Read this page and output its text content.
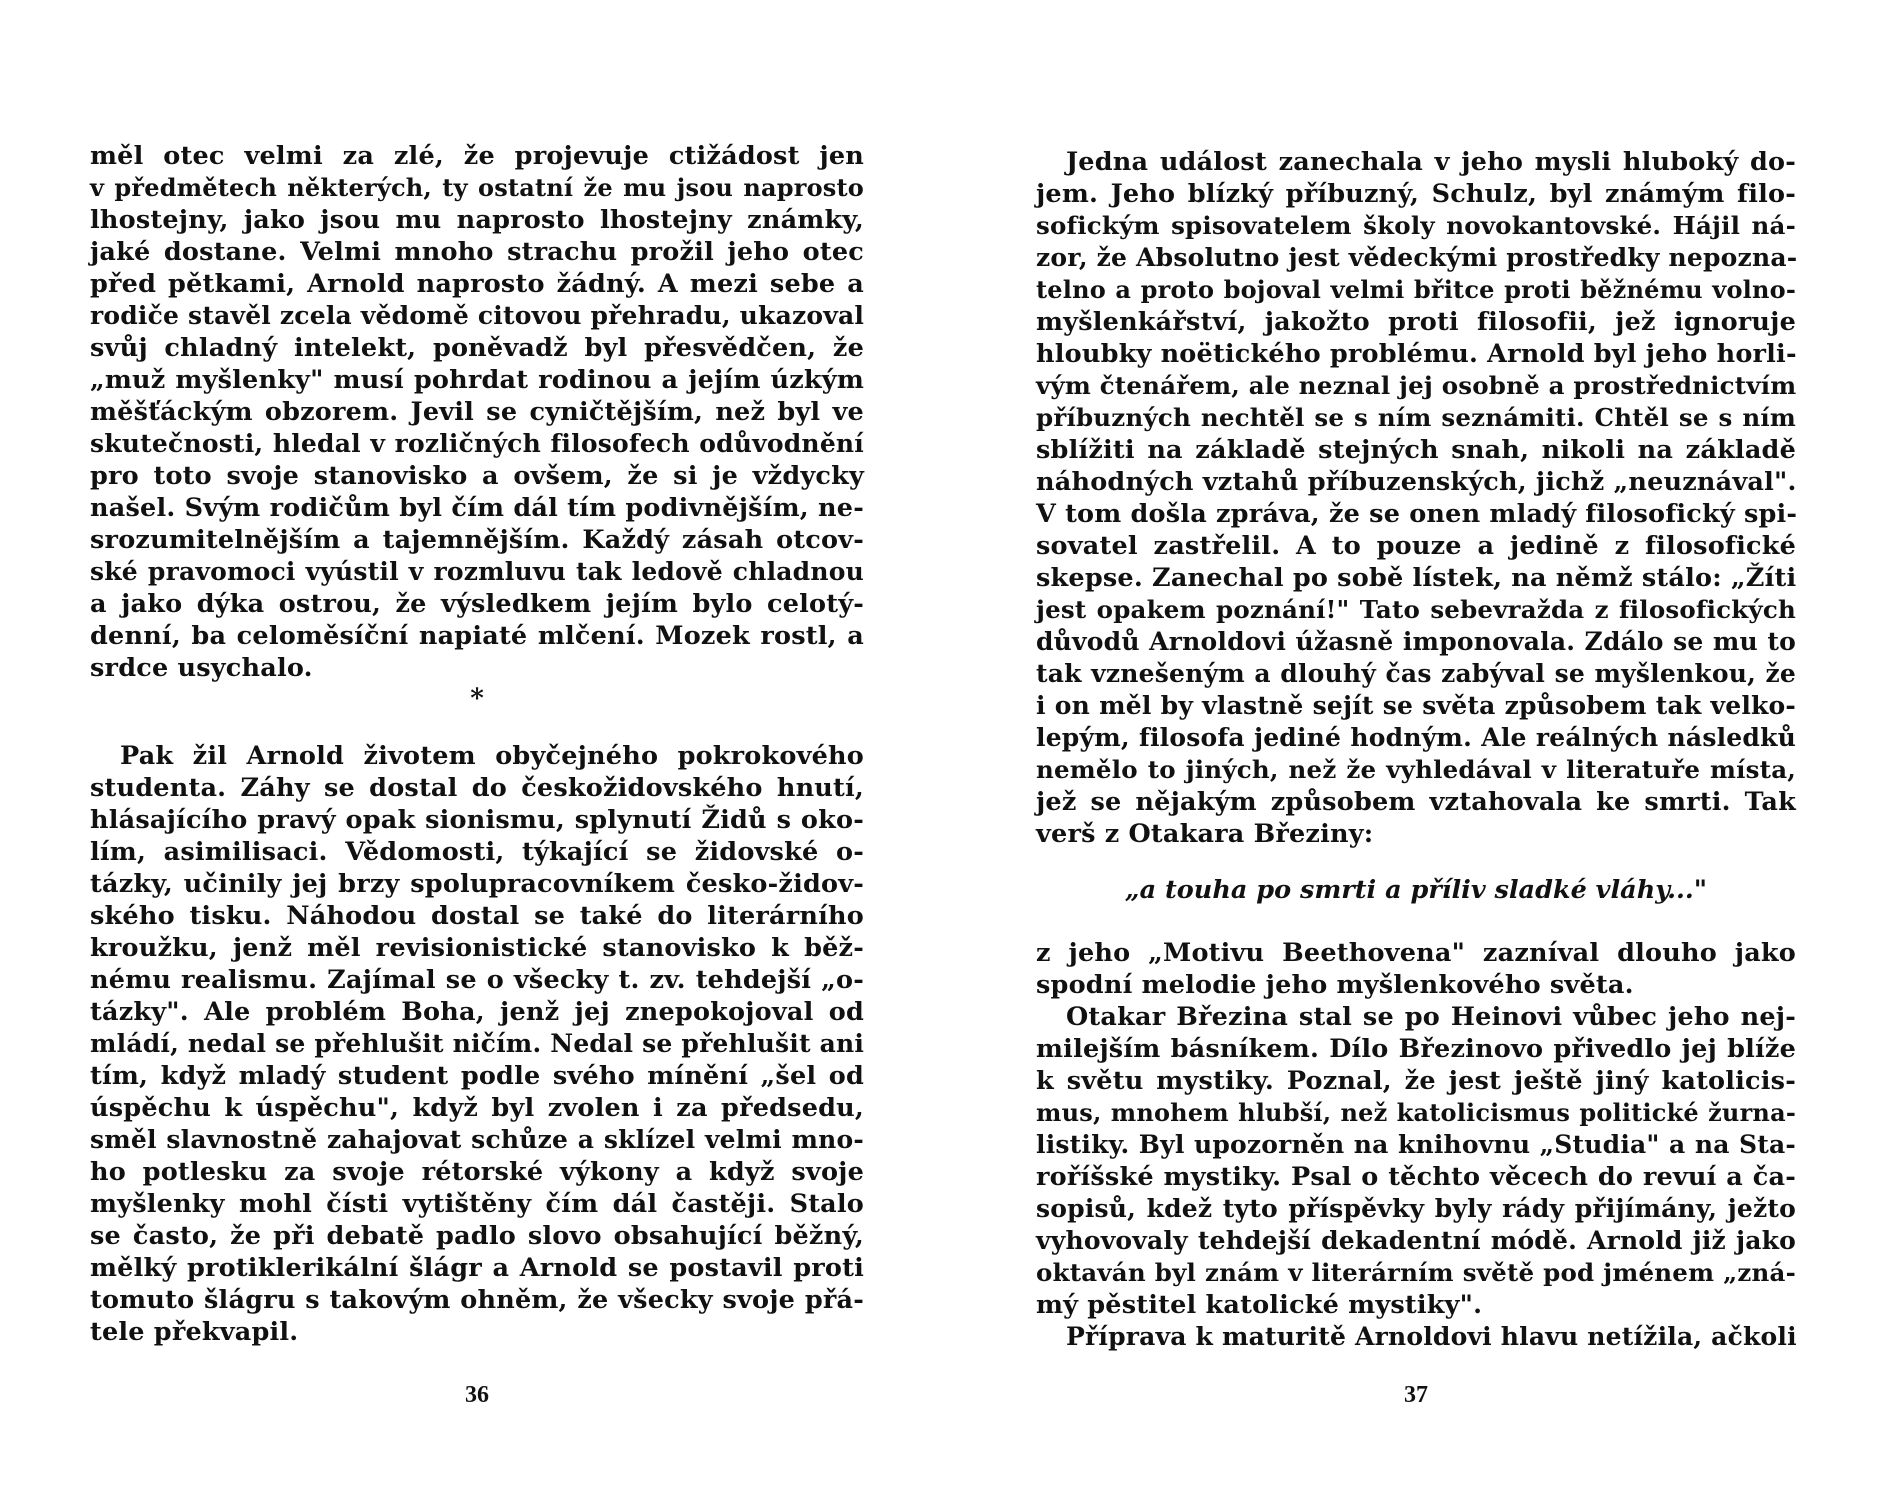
měl otec velmi za zlé, že projevuje ctižádost jen
v předmětech některých, ty ostatní že mu jsou naprosto
lhostejny, jako jsou mu naprosto lhostejny známky,
jaké dostane. Velmi mnoho strachu prožil jeho otec
před pětkami, Arnold naprosto žádný. A mezi sebe a
rodiče stavěl zcela vědomě citovou přehradu, ukazoval
svůj chladný intelekt, poněvadž byl přesvědčen, že
„muž myšlenky" musí pohrdat rodinou a jejím úzkým
měšťáckým obzorem. Jevil se cyničtějším, než byl ve
skutečnosti, hledal v rozličných filosofech odůvodnění
pro toto svoje stanovisko a ovšem, že si je vždycky
našel. Svým rodičům byl čím dál tím podivnějším, ne-
srozumitelnějším a tajemnějším. Každý zásah otcov-
ské pravomoci vyústil v rozmluvu tak ledově chladnou
a jako dýka ostrou, že výsledkem jejím bylo celotý-
denní, ba celoměsíční napiaté mlčení. Mozek rostl, a
srdce usychalo.
*
Pak žil Arnold životem obyčejného pokrokového
studenta. Záhy se dostal do českožidovského hnutí,
hlásajícího pravý opak sionismu, splynutí Židů s oko-
lím, asimilisaci. Vědomosti, týkající se židovské o-
tázky, učinily jej brzy spolupracovníkem česko-židov-
ského tisku. Náhodou dostal se také do literárního
kroužku, jenž měl revisionistické stanovisko k běž-
nému realismu. Zajímal se o všecky t. zv. tehdejší „o-
tázky". Ale problém Boha, jenž jej znepokojoval od
mládí, nedal se přehlušit ničím. Nedal se přehlušit ani
tím, když mladý student podle svého mínění „šel od
úspěchu k úspěchu", když byl zvolen i za předsedu,
směl slavnostně zahajovat schůze a sklízel velmi mno-
ho potlesku za svoje rétorské výkony a když svoje
myšlenky mohl čísti vytištěny čím dál častěji. Stalo
se často, že při debatě padlo slovo obsahující běžný,
mělký protiklerikální šlágr a Arnold se postavil proti
tomuto šlágru s takovým ohněm, že všecky svoje přá-
tele překvapil.
36
Jedna událost zanechala v jeho mysli hluboký do-
jem. Jeho blízký příbuzný, Schulz, byl známým filo-
sofickým spisovatelem školy novokantovské. Hájil ná-
zor, že Absolutno jest vědeckými prostředky nepozna-
telno a proto bojoval velmi břitce proti běžnému volno-
myšlenkářství, jakožto proti filosofii, jež ignoruje
hloubky noëtického problému. Arnold byl jeho horli-
vým čtenářem, ale neznal jej osobně a prostřednictvím
příbuzných nechtěl se s ním seznámiti. Chtěl se s ním
sblížiti na základě stejných snah, nikoli na základě
náhodných vztahů příbuzenských, jichž „neuznával".
V tom došla zpráva, že se onen mladý filosofický spi-
sovatel zastřelil. A to pouze a jedině z filosofické
skepse. Zanechal po sobě lístek, na němž stálo: „Žíti
jest opakem poznání!" Tato sebevražda z filosofických
důvodů Arnoldovi úžasně imponovala. Zdálo se mu to
tak vznešeným a dlouhý čas zabýval se myšlenkou, že
i on měl by vlastně sejít se světa způsobem tak velko-
lepým, filosofa jediné hodným. Ale reálných následků
nemělo to jiných, než že vyhledával v literatuře místa,
jež se nějakým způsobem vztahovala ke smrti. Tak
verš z Otakara Březiny:
„a touha po smrti a příliv sladké vláhy..."
z jeho „Motivu Beethovena" zazníval dlouho jako
spodní melodie jeho myšlenkového světa.
Otakar Březina stal se po Heinovi vůbec jeho nej-
milejším básníkem. Dílo Březinovo přivedlo jej blíže
k světu mystiky. Poznal, že jest ještě jiný katolicis-
mus, mnohem hlubší, než katolicismus politické žurna-
listiky. Byl upozorněn na knihovnu „Studia" a na Sta-
roříšské mystiky. Psal o těchto věcech do revuí a ča-
sopisů, kdež tyto příspěvky byly rády přijímány, ježto
vyhovovaly tehdejší dekadentní módě. Arnold již jako
oktaván byl znám v literárním světě pod jménem „zná-
mý pěstitel katolické mystiky".
Příprava k maturitě Arnoldovi hlavu netížila, ačkoli
37
